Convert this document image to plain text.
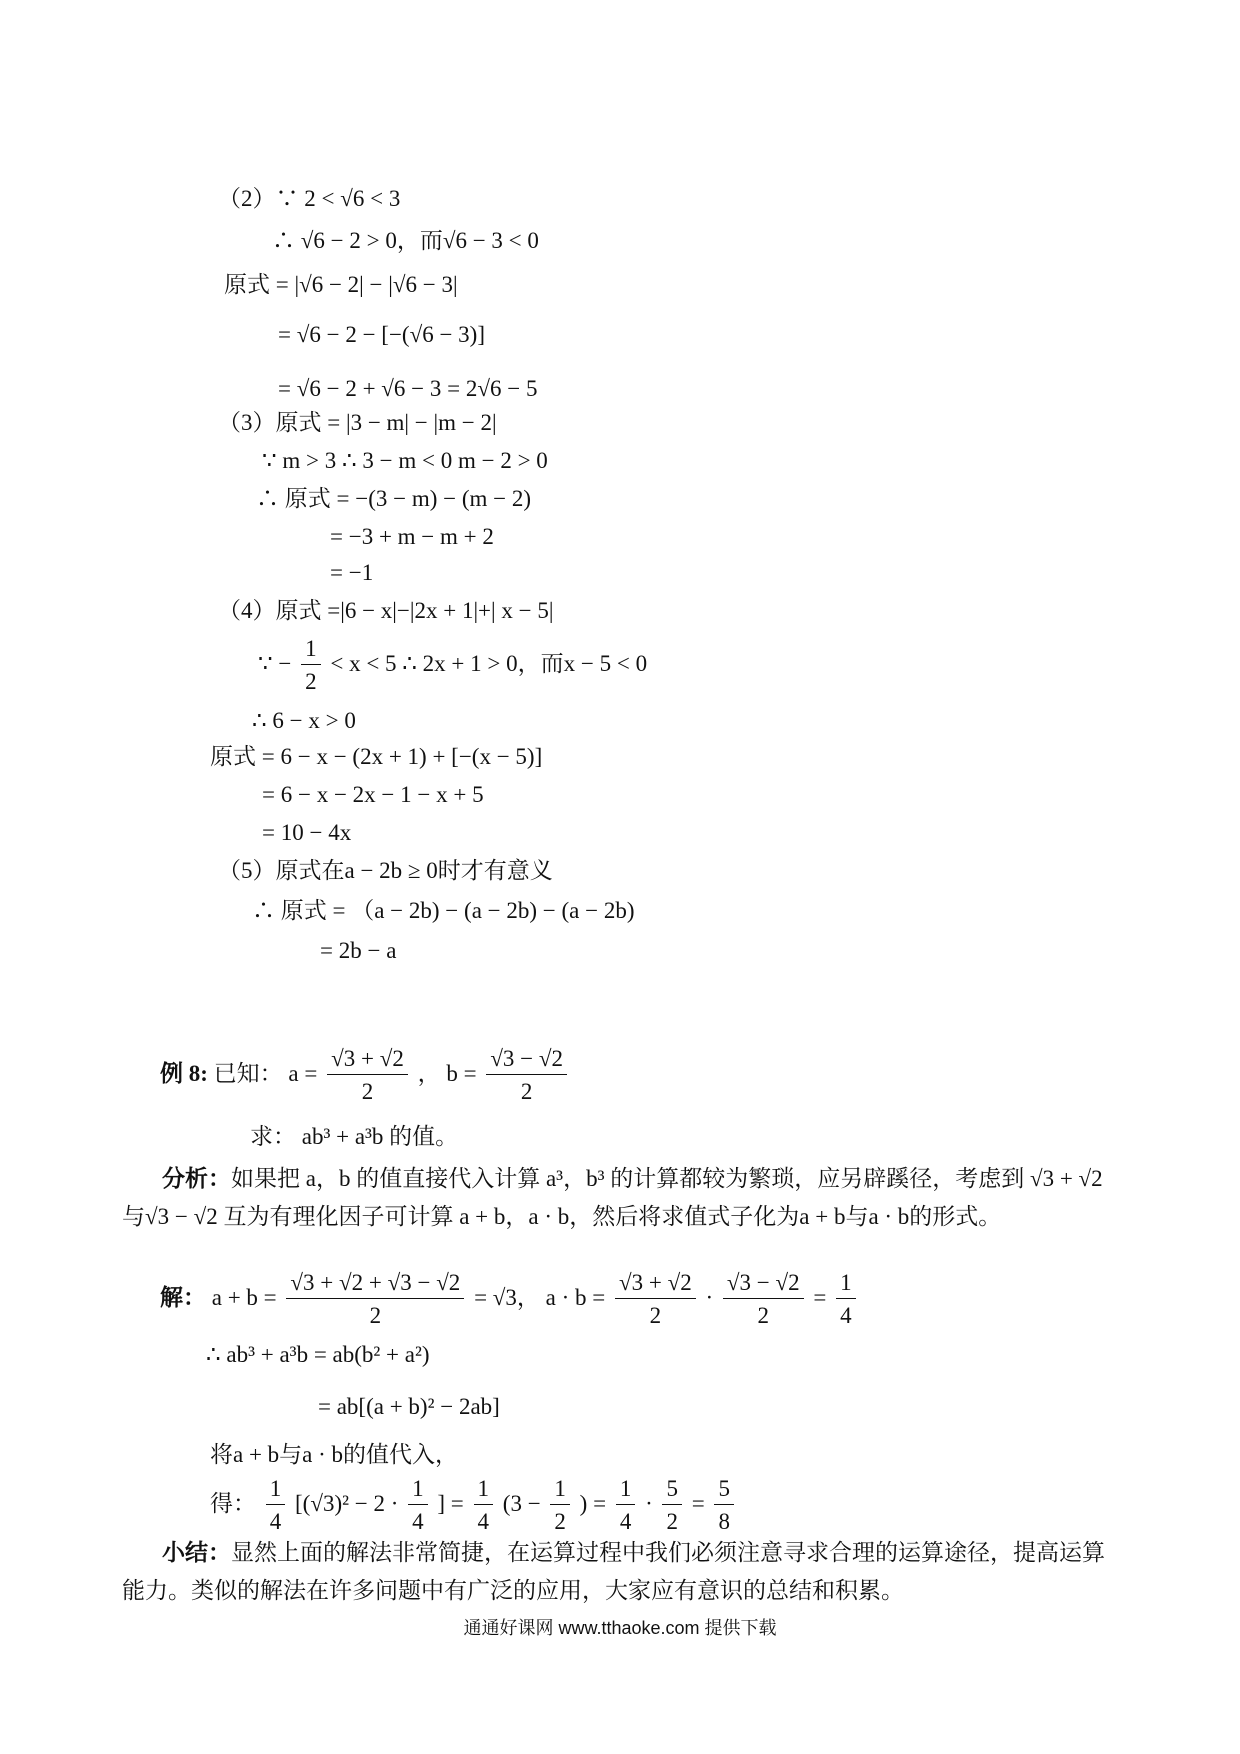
（2）∵ 2 < √6 < 3
∴ √6 − 2 > 0，而√6 − 3 < 0
原式 = |√6 − 2| − |√6 − 3|
= √6 − 2 − [−(√6 − 3)]
= √6 − 2 + √6 − 3 = 2√6 − 5
（3）原式 = |3 − m| − |m − 2|
∵ m > 3 ∴ 3 − m < 0 m − 2 > 0
∴ 原式 = −(3 − m) − (m − 2)
= −3 + m − m + 2
= −1
（4）原式 =|6 − x|−|2x + 1|+| x − 5|
∵ − $\frac{1}{2} < x < 5$ ∴ 2x + 1 > 0，而x − 5 < 0
∴ 6 − x > 0
原式 = 6 − x − (2x + 1) + [−(x − 5)]
= 6 − x − 2x − 1 − x + 5
= 10 − 4x
（5）原式在a − 2b ≥ 0时才有意义
∴ 原式 = （a − 2b) − (a − 2b) − (a − 2b)
= 2b − a
例 8: 已知： $a = \frac{√3 + √2}{2}$ ， $b = \frac{√3 - √2}{2}$
求： ab³ + a³b 的值。
分析：如果把 a，b 的值直接代入计算 a³，b³ 的计算都较为繁琐，应另辟蹊径，考虑到 √3 + √2与√3 − √2 互为有理化因子可计算 a + b，a · b，然后将求值式子化为a + b与a · b的形式。
解： $a + b = \frac{√3 + √2 + √3 - √2}{2} = √3$， $a \cdot b = \frac{√3 + √2}{2} \cdot \frac{√3 - √2}{2} = \frac{1}{4}$
∴ ab³ + a³b = ab(b² + a²)
= ab[(a + b)² − 2ab]
将a + b与a · b的值代入，
得： $\frac{1}{4} [(√3)^2 - 2 \cdot \frac{1}{4}$ ] = $\frac{1}{4} (3 - \frac{1}{2}$ ) = $\frac{1}{4} \cdot \frac{5}{2} = \frac{5}{8}$
小结：显然上面的解法非常简捷，在运算过程中我们必须注意寻求合理的运算途径，提高运算能力。类似的解法在许多问题中有广泛的应用，大家应有意识的总结和积累。
通通好课网 www.tthaoke.com 提供下载
